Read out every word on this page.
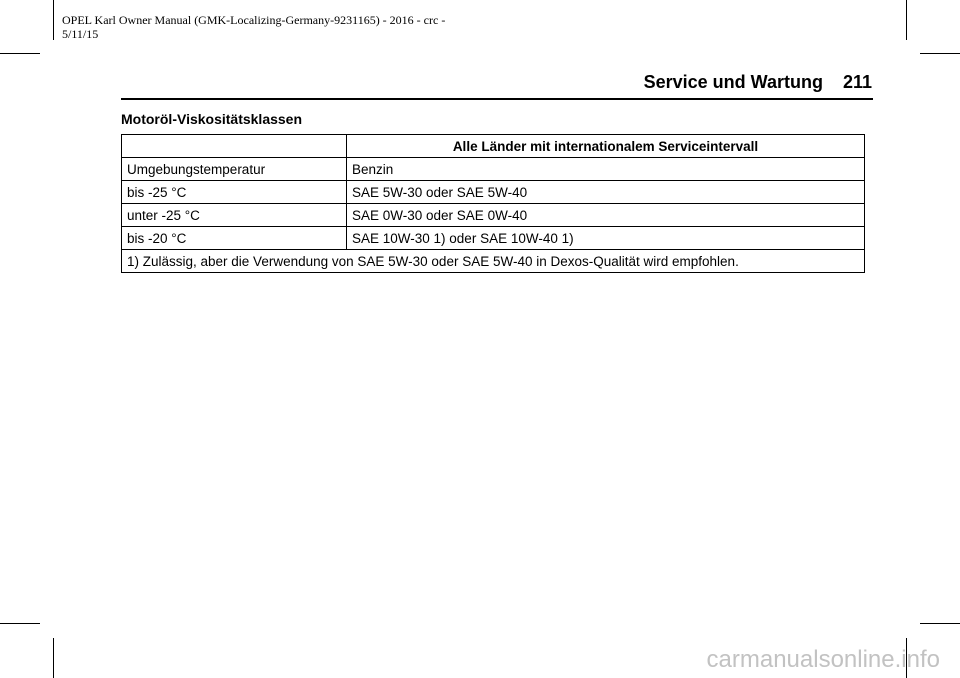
OPEL Karl Owner Manual (GMK-Localizing-Germany-9231165) - 2016 - crc -
5/11/15
Service und Wartung 211
Motoröl-Viskositätsklassen
	Alle Länder mit internationalem Serviceintervall
Umgebungstemperatur	Benzin
bis -25 °C	SAE 5W-30 oder SAE 5W-40
unter -25 °C	SAE 0W-30 oder SAE 0W-40
bis -20 °C	SAE 10W-30 1) oder SAE 10W-40 1)
1) Zulässig, aber die Verwendung von SAE 5W-30 oder SAE 5W-40 in Dexos-Qualität wird empfohlen.	
carmanualsonline.info
